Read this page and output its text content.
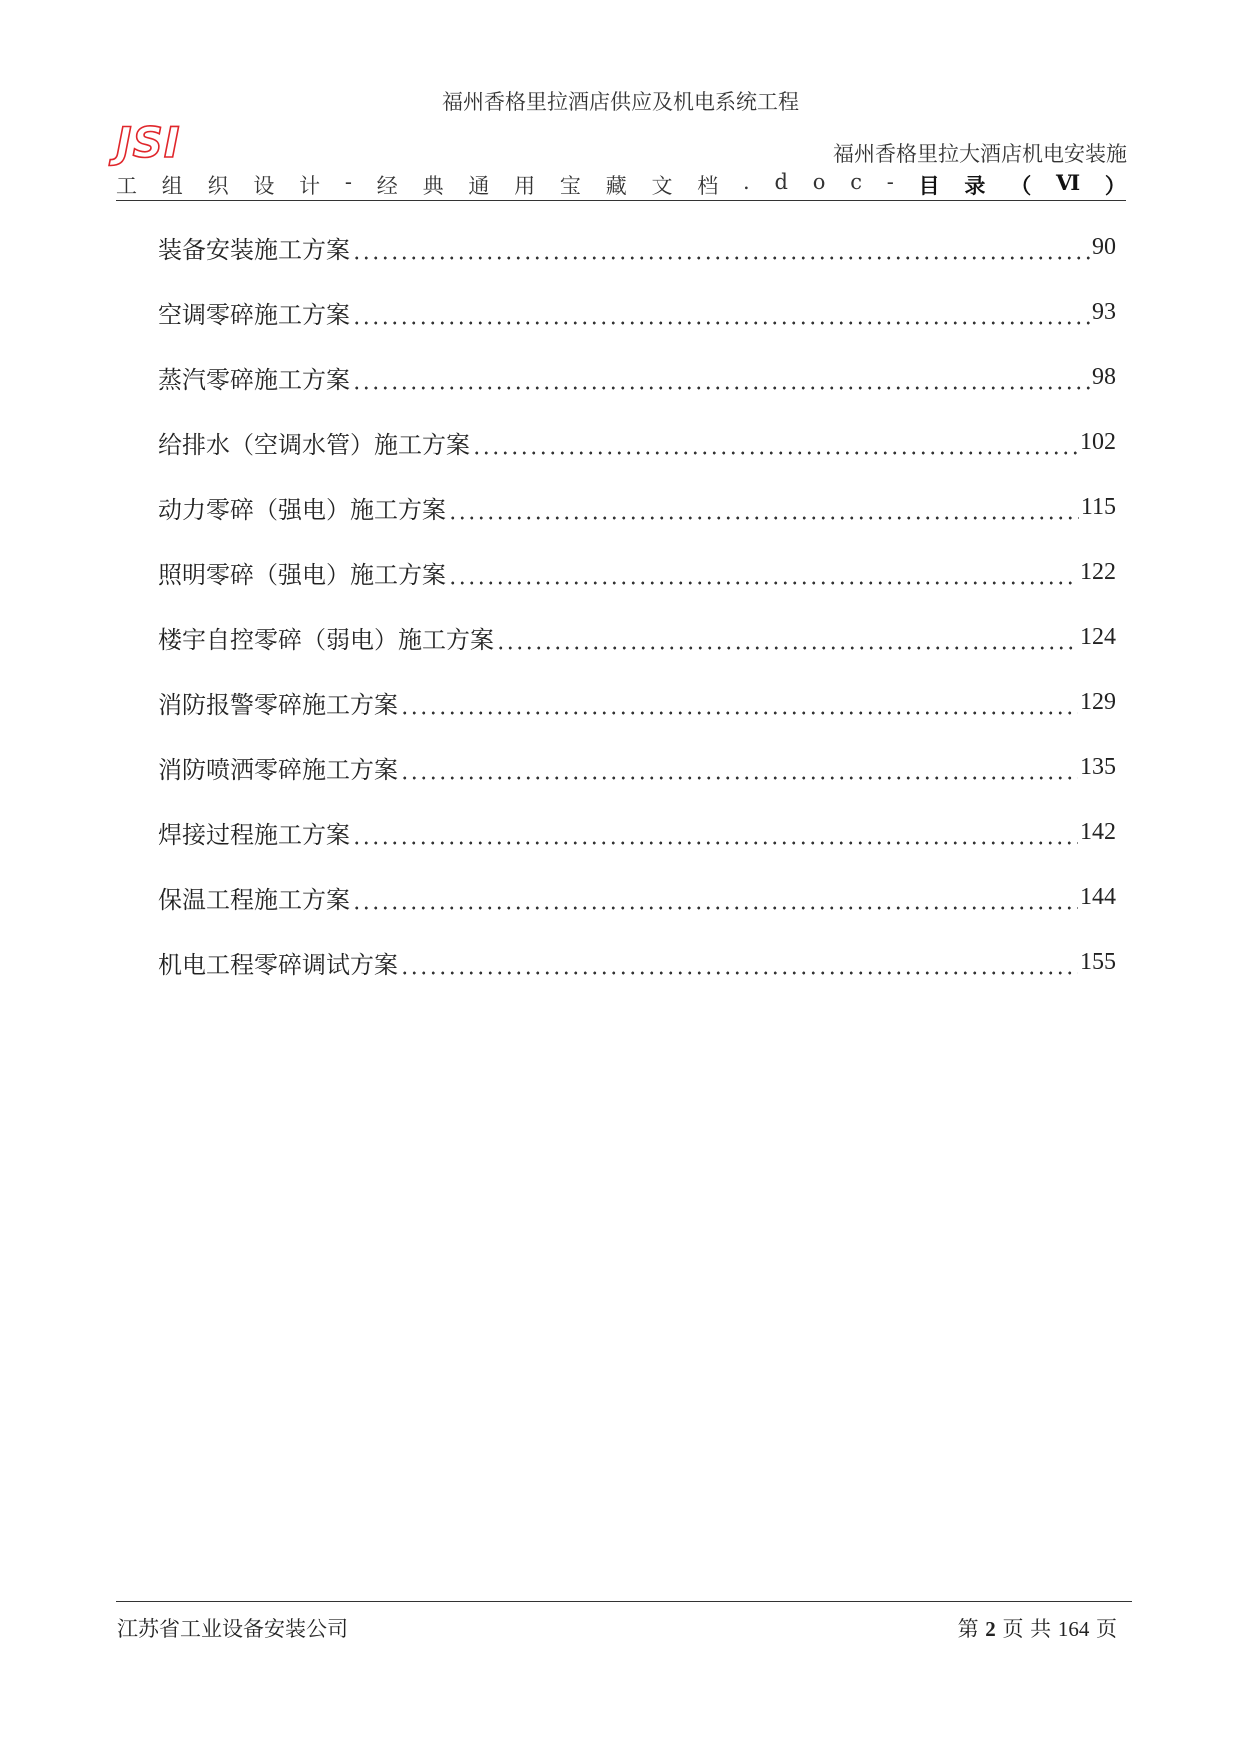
福州香格里拉酒店供应及机电系统工程
JSI	福州香格里拉大酒店机电安装施
工 组 织 设 计 - 经 典 通 用 宝 藏 文 档 . d o c - 目 录 （ Ⅵ ）
装备安装施工方案	90
空调零碎施工方案	93
蒸汽零碎施工方案	98
给排水（空调水管）施工方案	102
动力零碎（强电）施工方案	115
照明零碎（强电）施工方案	122
楼宇自控零碎（弱电）施工方案	124
消防报警零碎施工方案	129
消防喷洒零碎施工方案	135
焊接过程施工方案	142
保温工程施工方案	144
机电工程零碎调试方案	155
江苏省工业设备安装公司	第 2 页 共 164 页
